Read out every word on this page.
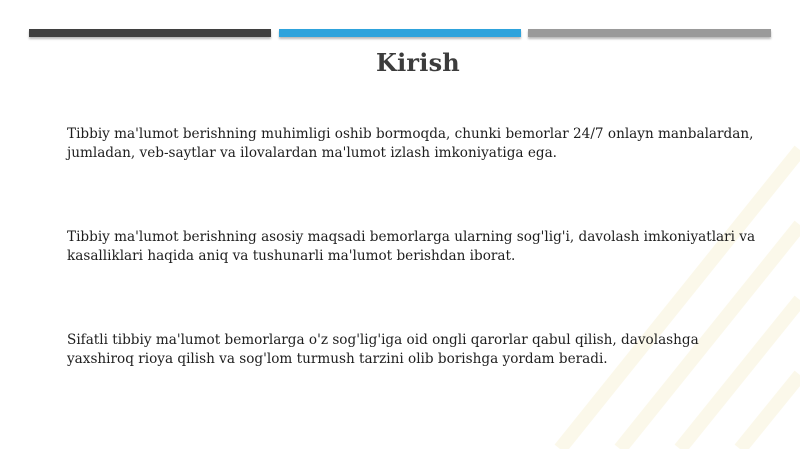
Kirish

Tibbiy ma'lumot berishning muhimligi oshib bormoqda, chunki bemorlar 24/7 onlayn manbalardan, jumladan, veb-saytlar va ilovalardan ma'lumot izlash imkoniyatiga ega.

Tibbiy ma'lumot berishning asosiy maqsadi bemorlarga ularning sog'lig'i, davolash imkoniyatlari va kasalliklari haqida aniq va tushunarli ma'lumot berishdan iborat.

Sifatli tibbiy ma'lumot bemorlarga o'z sog'lig'iga oid ongli qarorlar qabul qilish, davolashga yaxshiroq rioya qilish va sog'lom turmush tarzini olib borishga yordam beradi.
